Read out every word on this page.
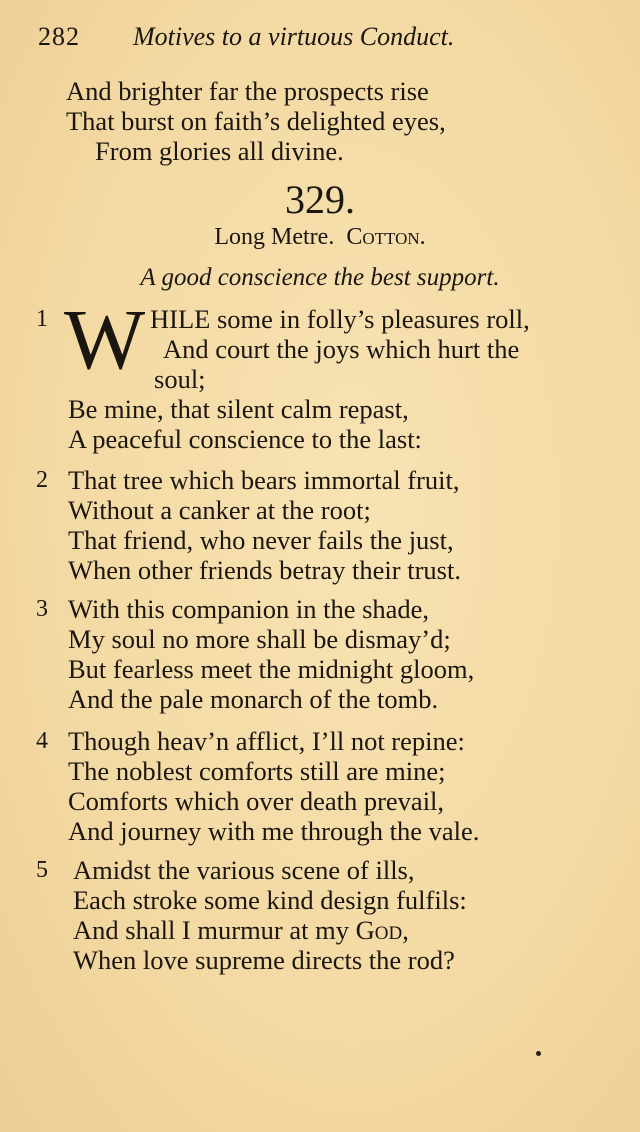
282 Motives to a virtuous Conduct.
And brighter far the prospects rise
That burst on faith’s delighted eyes,
From glories all divine.
329.
Long Metre. Cotton.
A good conscience the best support.
1 W HILE some in folly’s pleasures roll,
And court the joys which hurt the
soul;
Be mine, that silent calm repast,
A peaceful conscience to the last:
2 That tree which bears immortal fruit,
Without a canker at the root;
That friend, who never fails the just,
When other friends betray their trust.
3 With this companion in the shade,
My soul no more shall be dismay’d;
But fearless meet the midnight gloom,
And the pale monarch of the tomb.
4 Though heav’n afflict, I’ll not repine:
The noblest comforts still are mine;
Comforts which over death prevail,
And journey with me through the vale.
5 Amidst the various scene of ills,
Each stroke some kind design fulfils:
And shall I murmur at my God,
When love supreme directs the rod?
